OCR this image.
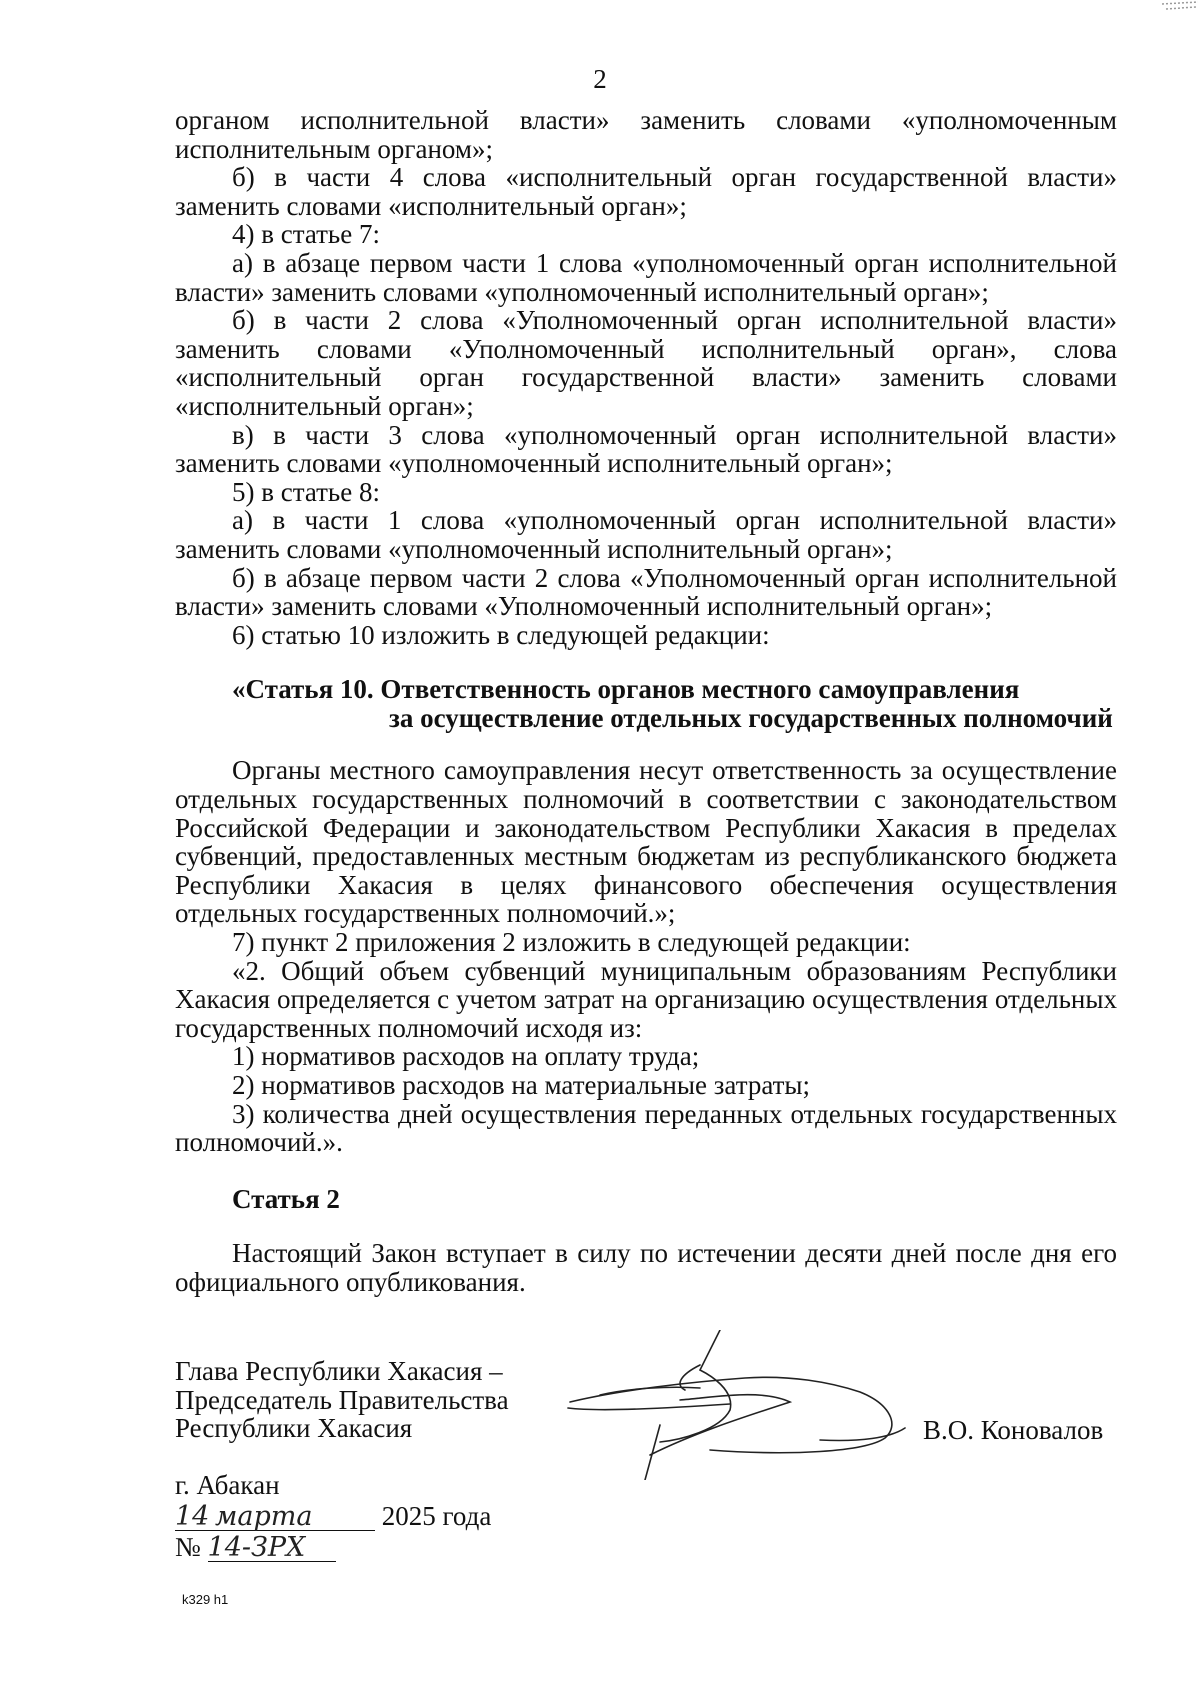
2

органом исполнительной власти» заменить словами «уполномоченным исполнительным органом»;

б) в части 4 слова «исполнительный орган государственной власти» заменить словами «исполнительный орган»;

4) в статье 7:

а) в абзаце первом части 1 слова «уполномоченный орган исполнительной власти» заменить словами «уполномоченный исполнительный орган»;

б) в части 2 слова «Уполномоченный орган исполнительной власти» заменить словами «Уполномоченный исполнительный орган», слова «исполнительный орган государственной власти» заменить словами «исполнительный орган»;

в) в части 3 слова «уполномоченный орган исполнительной власти» заменить словами «уполномоченный исполнительный орган»;

5) в статье 8:

а) в части 1 слова «уполномоченный орган исполнительной власти» заменить словами «уполномоченный исполнительный орган»;

б) в абзаце первом части 2 слова «Уполномоченный орган исполнительной власти» заменить словами «Уполномоченный исполнительный орган»;

6) статью 10 изложить в следующей редакции:

«Статья 10. Ответственность органов местного самоуправления
за осуществление отдельных государственных полномочий

Органы местного самоуправления несут ответственность за осуществление отдельных государственных полномочий в соответствии с законодательством Российской Федерации и законодательством Республики Хакасия в пределах субвенций, предоставленных местным бюджетам из республиканского бюджета Республики Хакасия в целях финансового обеспечения осуществления отдельных государственных полномочий.»;

7) пункт 2 приложения 2 изложить в следующей редакции:

«2. Общий объем субвенций муниципальным образованиям Республики Хакасия определяется с учетом затрат на организацию осуществления отдельных государственных полномочий исходя из:

1) нормативов расходов на оплату труда;

2) нормативов расходов на материальные затраты;

3) количества дней осуществления переданных отдельных государственных полномочий.».

Статья 2

Настоящий Закон вступает в силу по истечении десяти дней после дня его официального опубликования.

Глава Республики Хакасия –
Председатель Правительства
Республики Хакасия	В.О. Коновалов
г. Абакан
14 марта	2025 года
№ 14-ЗРХ
k329 h1
